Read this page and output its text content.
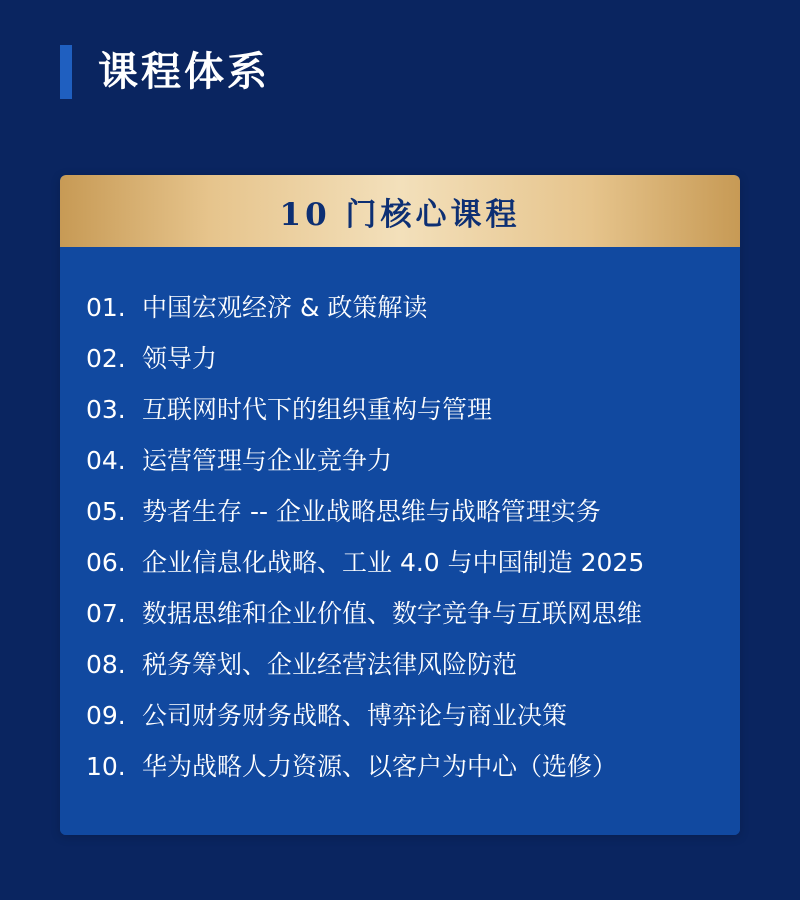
课程体系
10 门核心课程
01. 中国宏观经济 & 政策解读
02. 领导力
03. 互联网时代下的组织重构与管理
04. 运营管理与企业竞争力
05. 势者生存 -- 企业战略思维与战略管理实务
06. 企业信息化战略、工业 4.0 与中国制造 2025
07. 数据思维和企业价值、数字竞争与互联网思维
08. 税务筹划、企业经营法律风险防范
09. 公司财务财务战略、博弈论与商业决策
10. 华为战略人力资源、以客户为中心（选修）
